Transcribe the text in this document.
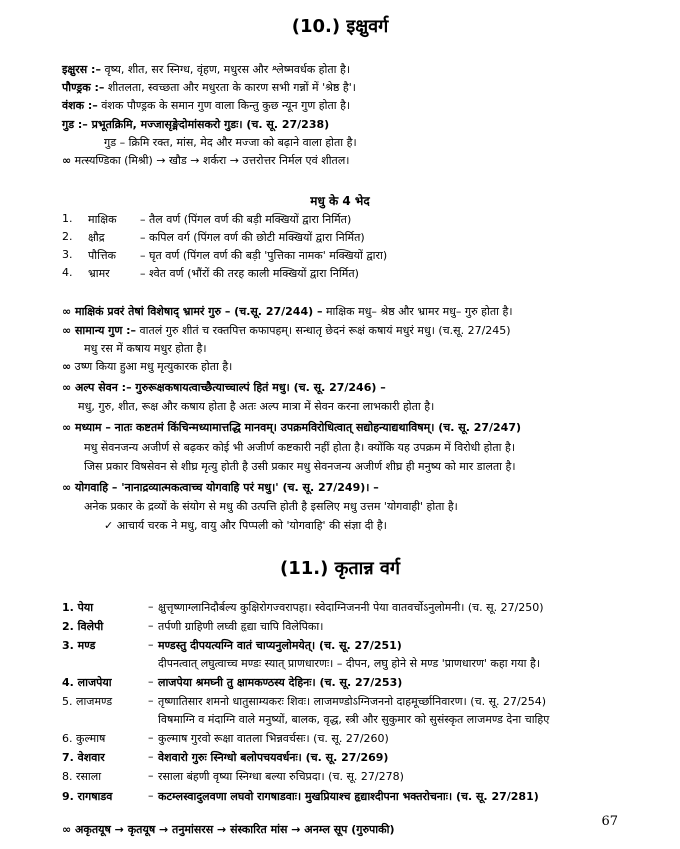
(10.) इक्षुवर्ग
इक्षुरस :– वृष्य, शीत, सर स्निग्ध, वृंहण, मधुरस और श्लेष्मवर्धक होता है।
पौण्ड्रक :– शीतलता, स्वच्छता और मधुरता के कारण सभी गन्नों में 'श्रेष्ठ है'।
वंशक :– वंशक पौण्ड्रक के समान गुण वाला किन्तु कुछ न्यून गुण होता है।
गुड :– प्रभूतक्रिमि, मज्जासृङ्मेदोमांसकरो गुडः। (च. सू. 27/238)
गुड – क्रिमि रक्त, मांस, मेद और मज्जा को बढ़ाने वाला होता है।
∞ मत्स्यण्डिका (मिश्री) → खौड → शर्करा → उत्तरोत्तर निर्मल एवं शीतल।
मधु के 4 भेद
1. माक्षिक – तैल वर्ण (पिंगल वर्ण की बड़ी मक्खियों द्वारा निर्मित)
2. क्षौद्र	– कपिल वर्ग (पिंगल वर्ण की छोटी मक्खियों द्वारा निर्मित)
3. पौत्तिक – घृत वर्ण (पिंगल वर्ण की बड़ी 'पुत्तिका नामक' मक्खियों द्वारा)
4. भ्रामर	– श्वेत वर्ण (भौंरों की तरह काली मक्खियों द्वारा निर्मित)
∞ माक्षिकं प्रवरं तेषां विशेषाद् भ्रामरं गुरु – (च.सू. 27/244) – माक्षिक मधु– श्रेष्ठ और भ्रामर मधु– गुरु होता है।
∞ सामान्य गुण :– वातलं गुरु शीतं च रक्तपित्त कफापहम्। सन्धातृ छेदनं रूक्षं कषायं मधुरं मधु। (च.सू. 27/245)
मधु रस में कषाय मधुर होता है।
∞ उष्ण किया हुआ मधु मृत्युकारक होता है।
∞ अल्प सेवन :– गुरुरूक्षकषायत्वाच्छैत्याच्चाल्पं हितं मधु। (च. सू. 27/246) –
मधु, गुरु, शीत, रूक्ष और कषाय होता है अतः अल्प मात्रा में सेवन करना लाभकारी होता है।
∞ मध्याम – नातः कष्टतमं किंचिन्मध्यामात्तद्धि मानवम्। उपक्रमविरोधित्वात् सद्योहन्याद्यथाविषम्। (च. सू. 27/247)
मधु सेवनजन्य अजीर्ण से बढ़कर कोई भी अजीर्ण कष्टकारी नहीं होता है। क्योंकि यह उपक्रम में विरोधी होता है।
जिस प्रकार विषसेवन से शीघ्र मृत्यु होती है उसी प्रकार मधु सेवनजन्य अजीर्ण शीघ्र ही मनुष्य को मार डालता है।
∞ योगवाहि – 'नानाद्रव्यात्मकत्वाच्च योगवाहि परं मधु।' (च. सू. 27/249)। –
अनेक प्रकार के द्रव्यों के संयोग से मधु की उत्पत्ति होती है इसलिए मधु उत्तम 'योगवाही' होता है।
✓ आचार्य चरक ने मधु, वायु और पिप्पली को 'योगवाहि' की संज्ञा दी है।
(11.) कृतान्न वर्ग
1. पेया	– क्षुत्तृष्णाग्लानिदौर्बल्य कुक्षिरोगज्वरापहा। स्वेदाग्निजननी पेया वातवर्चोऽनुलोमनी। (च. सू. 27/250)
2. विलेपी	– तर्पणी ग्राहिणी लघ्वी हृद्या चापि विलेपिका।
3. मण्ड	– मण्डस्तु दीपयत्यग्नि वातं चाप्यनुलोमयेत्। (च. सू. 27/251)
दीपनत्वात् लघुत्वाच्च मण्डः स्यात् प्राणधारणः। – दीपन, लघु होने से मण्ड 'प्राणधारण' कहा गया है।
4. लाजपेया	– लाजपेया श्रमघ्नी तु क्षामकण्ठस्य देहिनः। (च. सू. 27/253)
5. लाजमण्ड	– तृष्णातिसार शमनो धातुसाम्यकरः शिवः। लाजमण्डोऽग्निजननो दाहमूर्च्छानिवारण। (च. सू. 27/254)
विषमाग्नि व मंदाग्नि वाले मनुष्यों, बालक, वृद्ध, स्त्री और सुकुमार को सुसंस्कृत लाजमण्ड देना चाहिए
6. कुल्माष	– कुल्माष गुरवो रूक्षा वातला भिन्नवर्चसः। (च. सू. 27/260)
7. वेशवार	– वेशवारो गुरुः स्निग्धो बलोपचयवर्धनः। (च. सू. 27/269)
8. रसाला	– रसाला बंहणी वृष्या स्निग्धा बल्या रुचिप्रदा। (च. सू. 27/278)
9. रागषाडव	– कटम्लस्वादुलवणा लघवो रागषाडवाः। मुखप्रियाश्च हृद्याश्दीपना भक्तरोचनाः। (च. सू. 27/281)
∞ अकृतयूष → कृतयूष → तनुमांसरस → संस्कारित मांस → अनम्ल सूप (गुरुपाकी)
67
